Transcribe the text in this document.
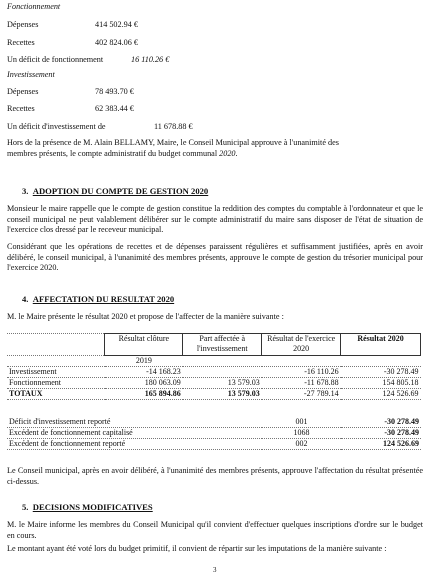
Fonctionnement
Dépenses	414 502.94 €
Recettes	402 824.06 €
Un déficit de fonctionnement	16 110.26 €
Investissement
Dépenses	78 493.70 €
Recettes	62 383.44 €
Un déficit d'investissement de	11 678.88 €
Hors de la présence de M. Alain BELLAMY, Maire, le Conseil Municipal approuve à l'unanimité des
membres présents, le compte administratif du budget communal 2020.
3. ADOPTION DU COMPTE DE GESTION 2020
Monsieur le maire rappelle que le compte de gestion constitue la reddition des comptes du comptable à l'ordonnateur et que le conseil municipal ne peut valablement délibérer sur le compte administratif du maire sans disposer de l'état de situation de l'exercice clos dressé par le receveur municipal.
Considérant que les opérations de recettes et de dépenses paraissent régulières et suffisamment justifiées, après en avoir délibéré, le conseil municipal, à l'unanimité des membres présents, approuve le compte de gestion du trésorier municipal pour l'exercice 2020.
4. AFFECTATION DU RESULTAT 2020
M. le Maire présente le résultat 2020 et propose de l'affecter de la manière suivante :
	Résultat clôture	Part affectée à l'investissement	Résultat de l'exercice 2020	Résultat 2020
	2019			
Investissement	-14 168.23		-16 110.26	-30 278.49
Fonctionnement	180 063.09	13 579.03	-11 678.88	154 805.18
TOTAUX	165 894.86	13 579.03	-27 789.14	124 526.69
Déficit d'investissement reporté	001	-30 278.49
Excédent de fonctionnement capitalisé	1068	-30 278.49
Excédent de fonctionnement reporté	002	124 526.69
Le Conseil municipal, après en avoir délibéré, à l'unanimité des membres présents, approuve l'affectation du résultat présentée ci-dessus.
5. DECISIONS MODIFICATIVES
M. le Maire informe les membres du Conseil Municipal qu'il convient d'effectuer quelques inscriptions d'ordre sur le budget en cours.
Le montant ayant été voté lors du budget primitif, il convient de répartir sur les imputations de la manière suivante :
3
